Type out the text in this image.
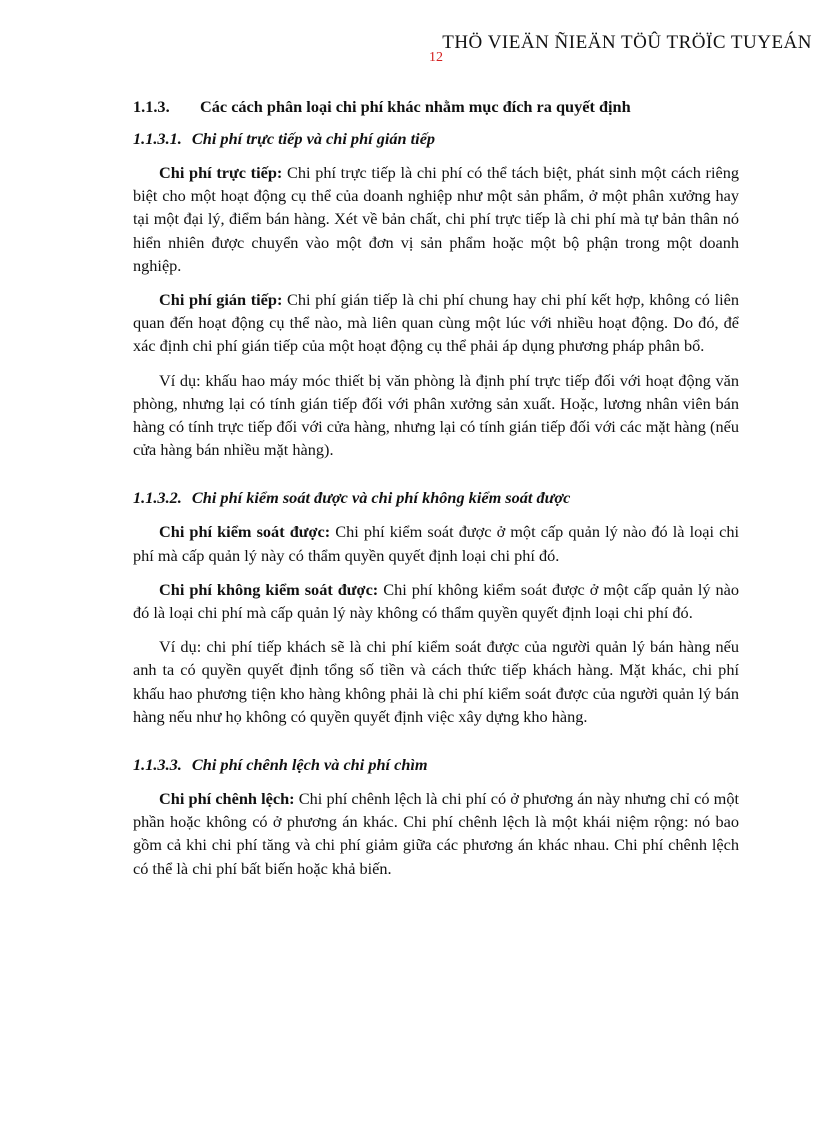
THÖ VIEÄN ÑIEÄN TÖÛ TRÖÏC TUYEÁN
12
1.1.3.	Các cách phân loại chi phí khác nhằm mục đích ra quyết định
1.1.3.1. Chi phí trực tiếp và chi phí gián tiếp

Chi phí trực tiếp: Chi phí trực tiếp là chi phí có thể tách biệt, phát sinh một cách riêng biệt cho một hoạt động cụ thể của doanh nghiệp như một sản phẩm, ở một phân xưởng hay tại một đại lý, điểm bán hàng. Xét về bản chất, chi phí trực tiếp là chi phí mà tự bản thân nó hiển nhiên được chuyển vào một đơn vị sản phẩm hoặc một bộ phận trong một doanh nghiệp.

Chi phí gián tiếp: Chi phí gián tiếp là chi phí chung hay chi phí kết hợp, không có liên quan đến hoạt động cụ thể nào, mà liên quan cùng một lúc với nhiều hoạt động. Do đó, để xác định chi phí gián tiếp của một hoạt động cụ thể phải áp dụng phương pháp phân bổ.

Ví dụ: khấu hao máy móc thiết bị văn phòng là định phí trực tiếp đối với hoạt động văn phòng, nhưng lại có tính gián tiếp đối với phân xưởng sản xuất. Hoặc, lương nhân viên bán hàng có tính trực tiếp đối với cửa hàng, nhưng lại có tính gián tiếp đối với các mặt hàng (nếu cửa hàng bán nhiều mặt hàng).

1.1.3.2. Chi phí kiểm soát được và chi phí không kiểm soát được

Chi phí kiểm soát được: Chi phí kiểm soát được ở một cấp quản lý nào đó là loại chi phí mà cấp quản lý này có thẩm quyền quyết định loại chi phí đó.

Chi phí không kiểm soát được: Chi phí không kiểm soát được ở một cấp quản lý nào đó là loại chi phí mà cấp quản lý này không có thẩm quyền quyết định loại chi phí đó.

Ví dụ: chi phí tiếp khách sẽ là chi phí kiểm soát được của người quản lý bán hàng nếu anh ta có quyền quyết định tổng số tiền và cách thức tiếp khách hàng. Mặt khác, chi phí khấu hao phương tiện kho hàng không phải là chi phí kiểm soát được của người quản lý bán hàng nếu như họ không có quyền quyết định việc xây dựng kho hàng.

1.1.3.3. Chi phí chênh lệch và chi phí chìm

Chi phí chênh lệch: Chi phí chênh lệch là chi phí có ở phương án này nhưng chỉ có một phần hoặc không có ở phương án khác. Chi phí chênh lệch là một khái niệm rộng: nó bao gồm cả khi chi phí tăng và chi phí giảm giữa các phương án khác nhau. Chi phí chênh lệch có thể là chi phí bất biến hoặc khả biến.
